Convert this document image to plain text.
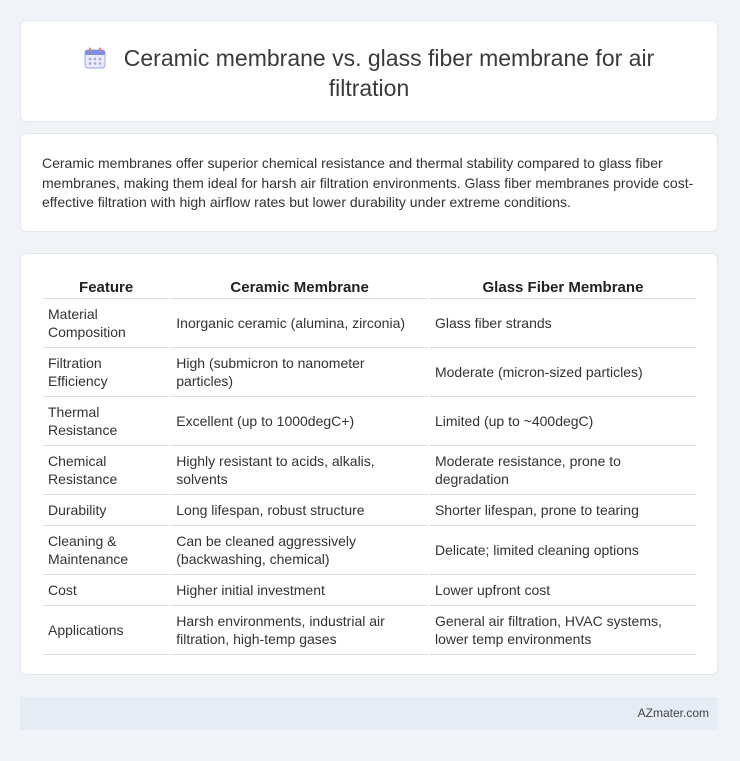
Ceramic membrane vs. glass fiber membrane for air filtration
Ceramic membranes offer superior chemical resistance and thermal stability compared to glass fiber membranes, making them ideal for harsh air filtration environments. Glass fiber membranes provide cost-effective filtration with high airflow rates but lower durability under extreme conditions.
Feature	Ceramic Membrane	Glass Fiber Membrane
Material Composition	Inorganic ceramic (alumina, zirconia)	Glass fiber strands
Filtration Efficiency	High (submicron to nanometer particles)	Moderate (micron-sized particles)
Thermal Resistance	Excellent (up to 1000degC+)	Limited (up to ~400degC)
Chemical Resistance	Highly resistant to acids, alkalis, solvents	Moderate resistance, prone to degradation
Durability	Long lifespan, robust structure	Shorter lifespan, prone to tearing
Cleaning & Maintenance	Can be cleaned aggressively (backwashing, chemical)	Delicate; limited cleaning options
Cost	Higher initial investment	Lower upfront cost
Applications	Harsh environments, industrial air filtration, high-temp gases	General air filtration, HVAC systems, lower temp environments
AZmater.com
